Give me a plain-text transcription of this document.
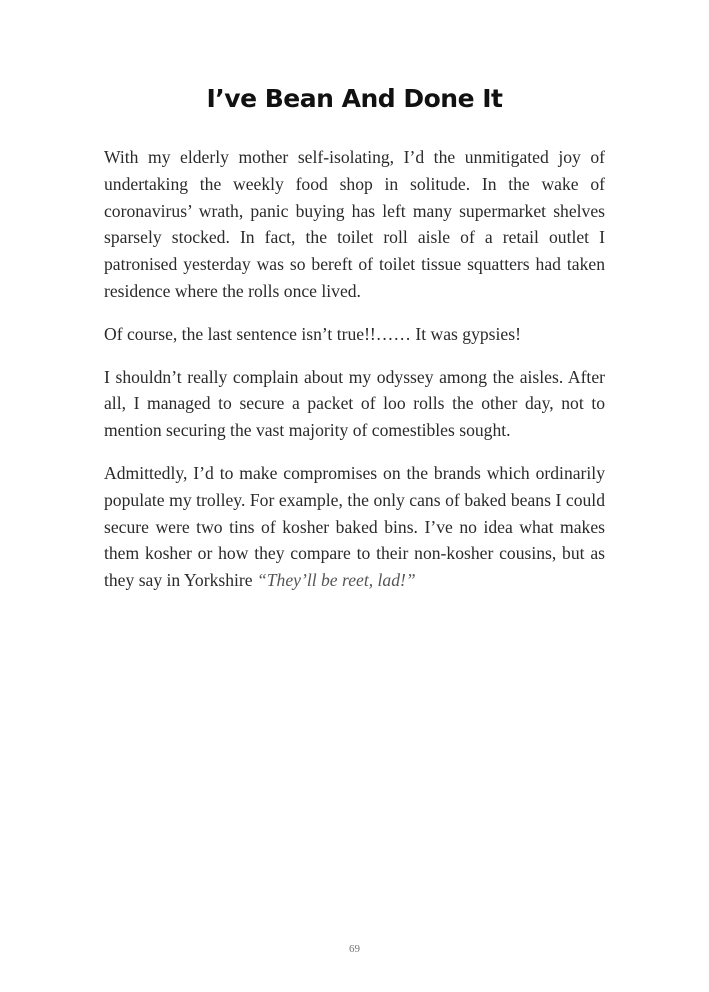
I’ve Bean And Done It

With my elderly mother self-isolating, I’d the unmitigated joy of undertaking the weekly food shop in solitude. In the wake of coronavirus’ wrath, panic buying has left many supermarket shelves sparsely stocked. In fact, the toilet roll aisle of a retail outlet I patronised yesterday was so bereft of toilet tissue squatters had taken residence where the rolls once lived.

Of course, the last sentence isn’t true!!…… It was gypsies!

I shouldn’t really complain about my odyssey among the aisles. After all, I managed to secure a packet of loo rolls the other day, not to mention securing the vast majority of comestibles sought.

Admittedly, I’d to make compromises on the brands which ordinarily populate my trolley. For example, the only cans of baked beans I could secure were two tins of kosher baked bins. I’ve no idea what makes them kosher or how they compare to their non-kosher cousins, but as they say in Yorkshire “They’ll be reet, lad!”

69
